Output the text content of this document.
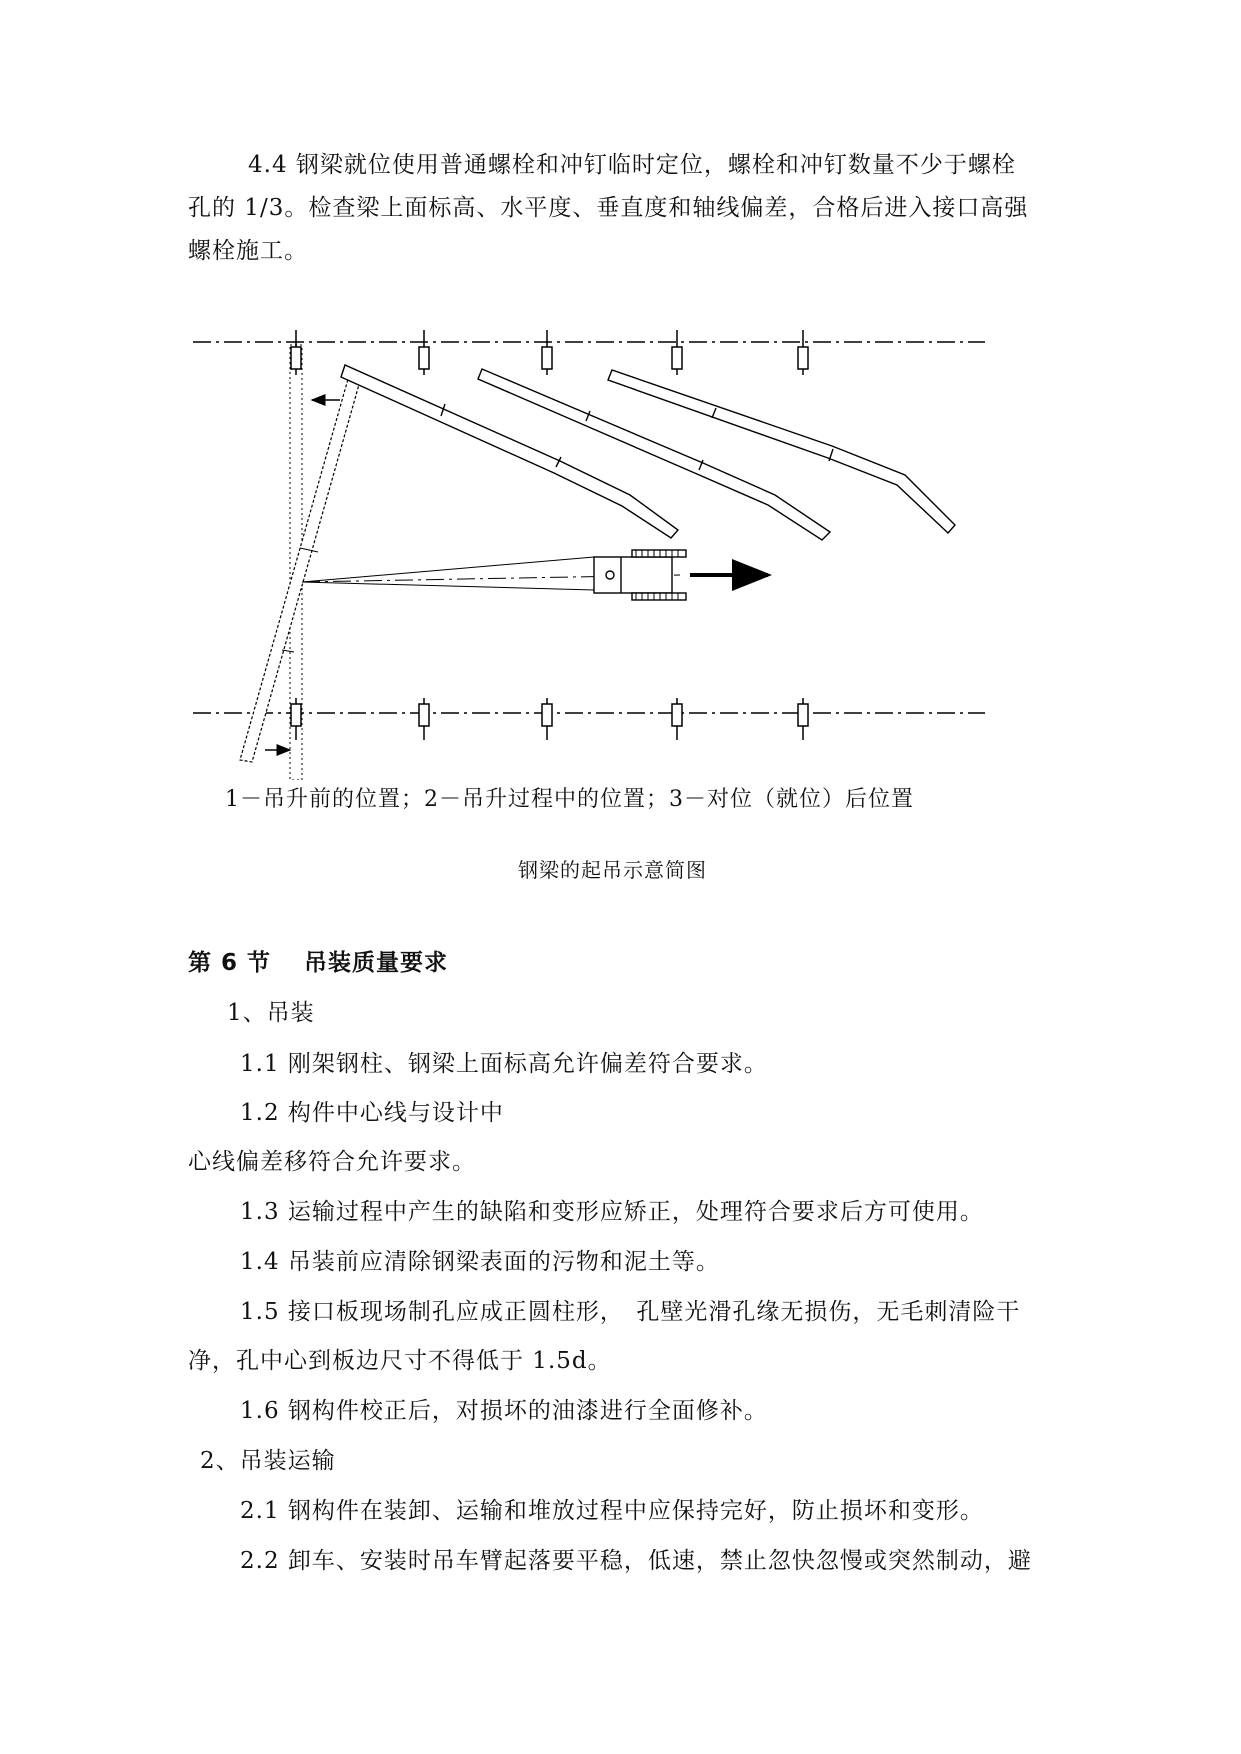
4.4 钢梁就位使用普通螺栓和冲钉临时定位，螺栓和冲钉数量不少于螺栓
孔的 1/3。检查梁上面标高、水平度、垂直度和轴线偏差，合格后进入接口高强
螺栓施工。
1－吊升前的位置；2－吊升过程中的位置；3－对位（就位）后位置
钢梁的起吊示意简图
第 6 节　 吊装质量要求
1、吊装
1.1 刚架钢柱、钢梁上面标高允许偏差符合要求。
1.2 构件中心线与设计中
心线偏差移符合允许要求。
1.3 运输过程中产生的缺陷和变形应矫正，处理符合要求后方可使用。
1.4 吊装前应清除钢梁表面的污物和泥土等。
1.5 接口板现场制孔应成正圆柱形，　孔壁光滑孔缘无损伤，无毛刺清险干
净，孔中心到板边尺寸不得低于 1.5d。
1.6 钢构件校正后，对损坏的油漆进行全面修补。
2、吊装运输
2.1 钢构件在装卸、运输和堆放过程中应保持完好，防止损坏和变形。
2.2 卸车、安装时吊车臂起落要平稳，低速，禁止忽快忽慢或突然制动，避
